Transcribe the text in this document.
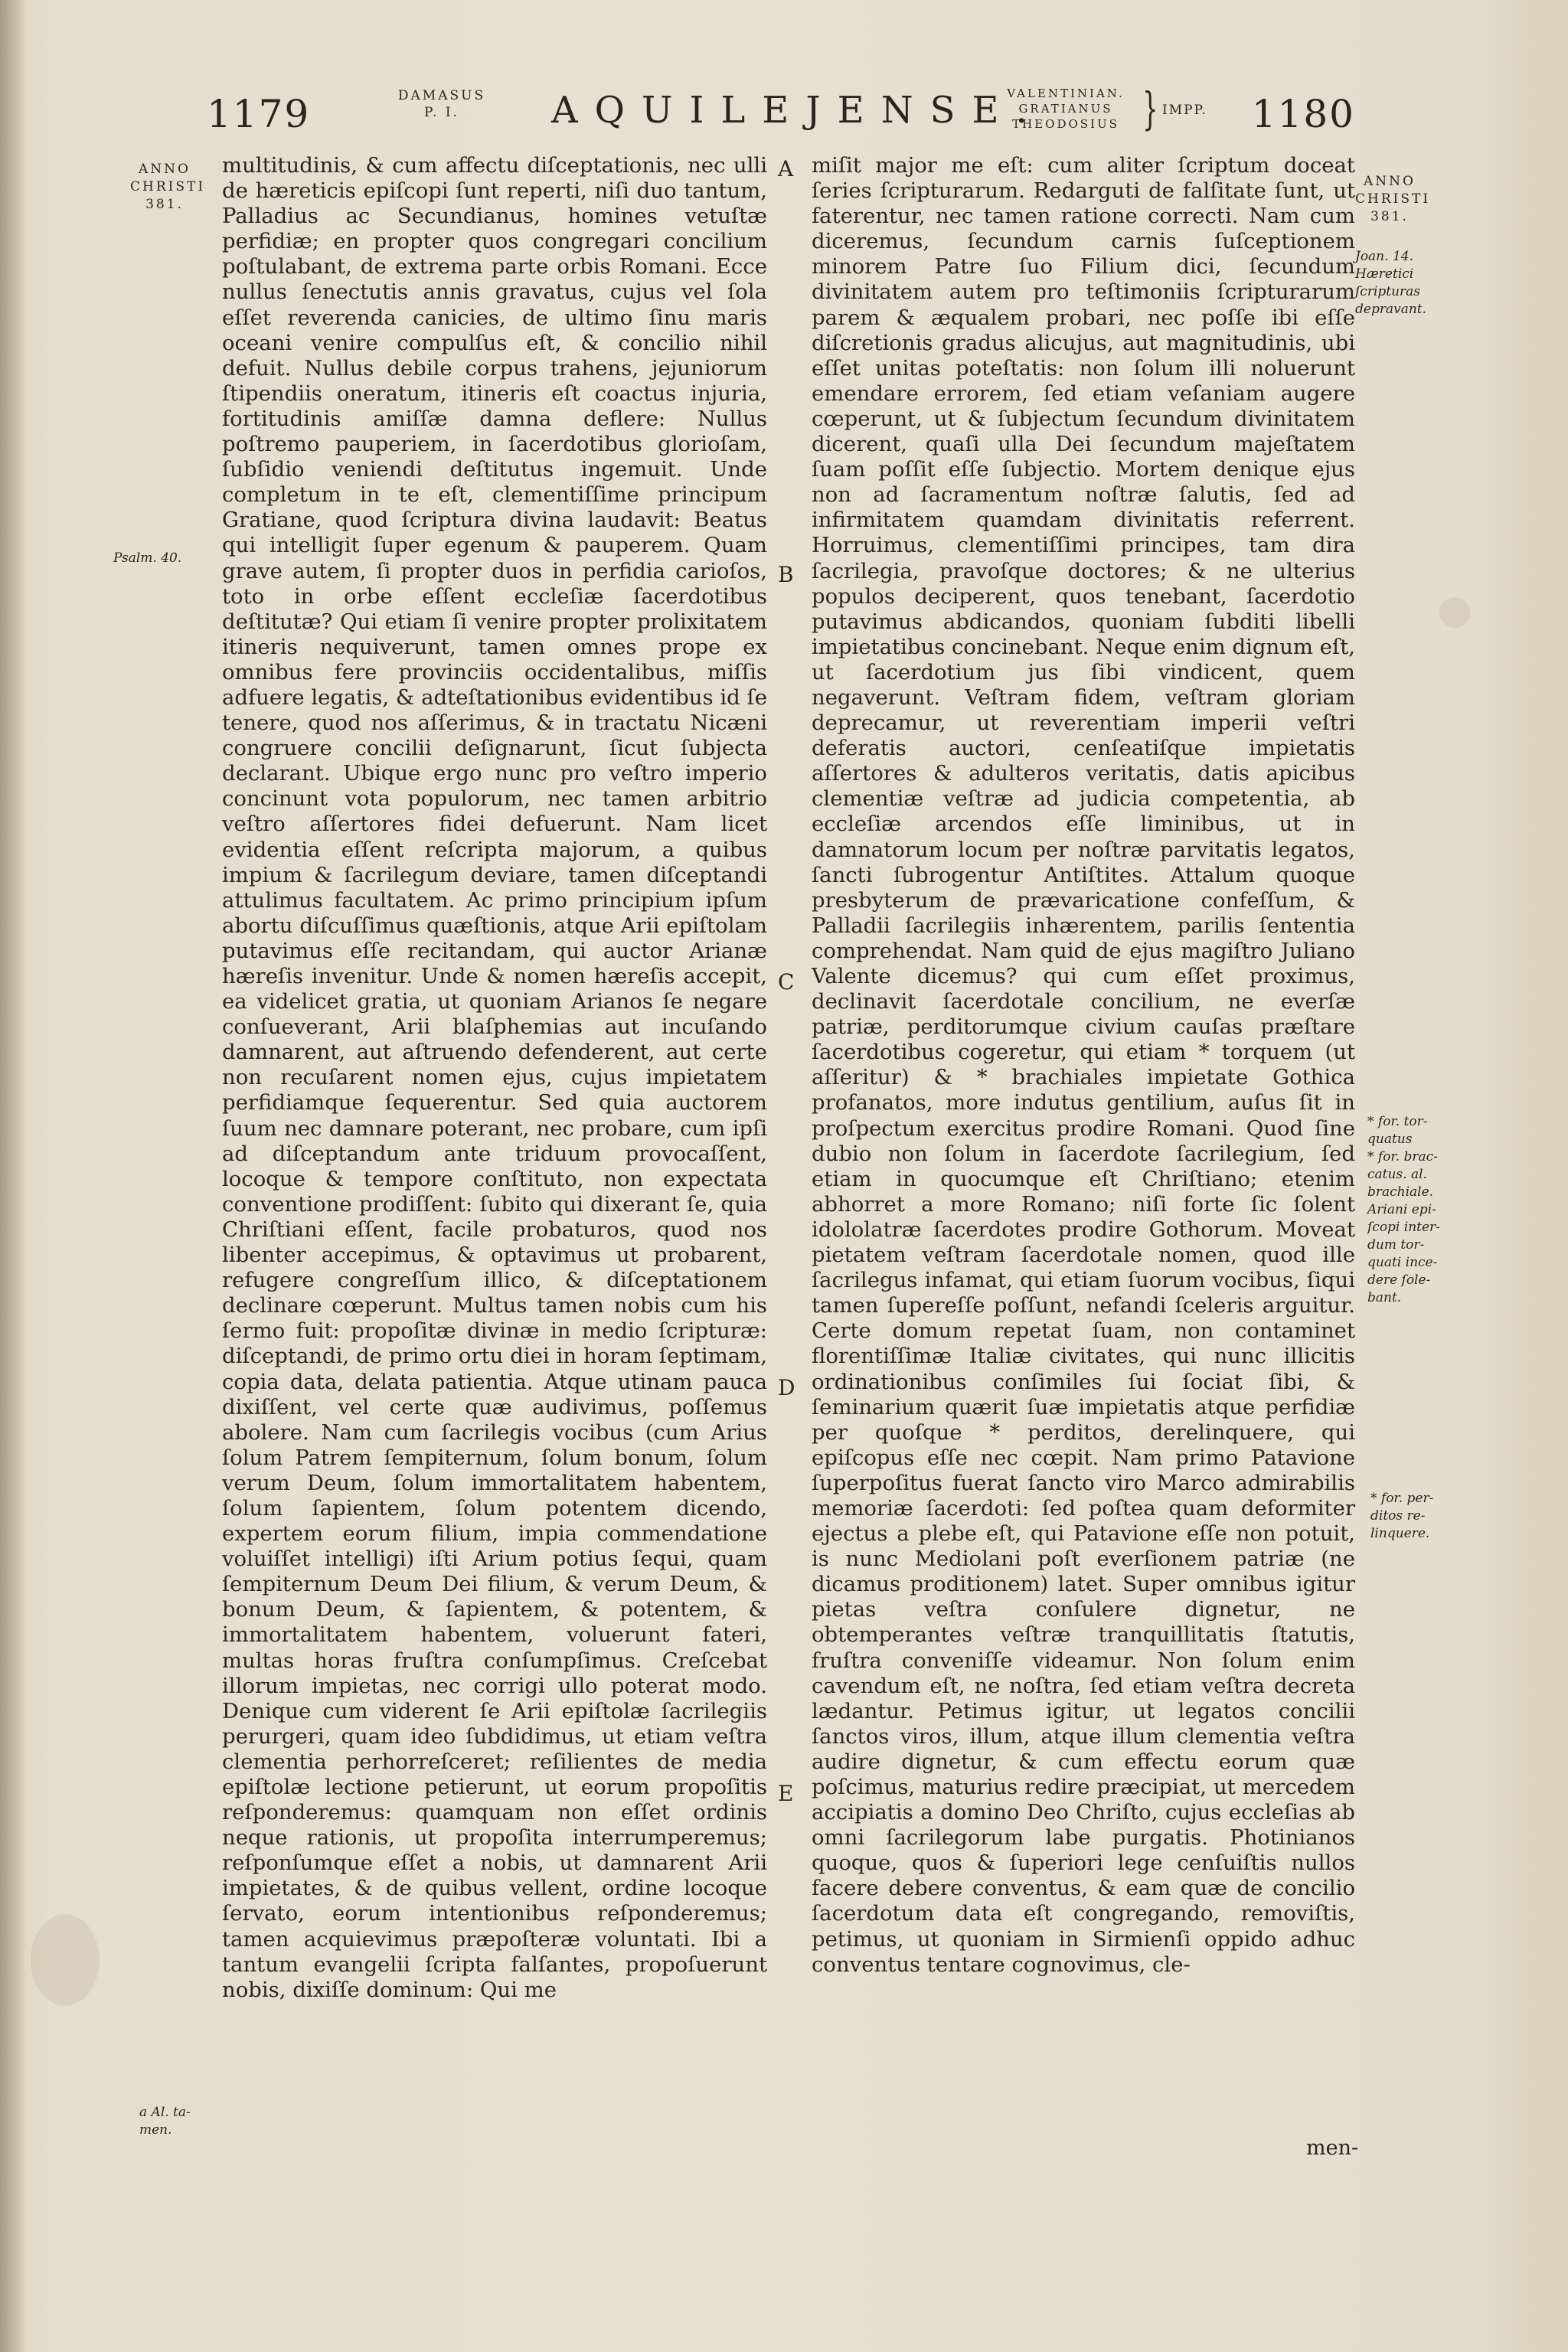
1179	DAMASUS
P. I.	AQUILEJENSE.
VALENTINIAN.
GRATIANUS
THEODOSIUS } IMPP. 1180
ANNO
CHRISTI
381.
Psalm. 40.
a Al. ta-
men.
ANNO
CHRISTI
381.
Joan. 14.
Hæretici
ſcripturas
depravant.
* for. tor-
quatus
* for. brac-
catus. al.
brachiale.
Ariani epi-
ſcopi inter-
dum tor-
quati ince-
dere ſole-
bant.
* for. per-
ditos re-
linquere.
A
B
C
D
E

multitudinis, & cum affectu diſceptationis, nec ulli de hæreticis epiſcopi ſunt reperti, niſi duo tantum, Palladius ac Secundianus, homines vetuſtæ perfidiæ; en propter quos congregari concilium poſtulabant, de extrema parte orbis Romani. Ecce nullus ſenectutis annis gravatus, cujus vel ſola eſſet reverenda canicies, de ultimo ſinu maris oceani venire compulſus eſt, & concilio nihil defuit. Nullus debile corpus trahens, jejuniorum ſtipendiis oneratum, itineris eſt coactus injuria, fortitudinis amiſſæ damna deflere: Nullus poſtremo pauperiem, in ſacerdotibus glorioſam, ſubſidio veniendi deſtitutus ingemuit. Unde completum in te eſt, clementiſſime principum Gratiane, quod ſcriptura divina laudavit: Beatus qui intelligit ſuper egenum & pauperem. Quam grave autem, ſi propter duos in perfidia carioſos, toto in orbe eſſent eccleſiæ ſacerdotibus deſtitutæ? Qui etiam ſi venire propter prolixitatem itineris nequiverunt, tamen omnes prope ex omnibus fere provinciis occidentalibus, miſſis adfuere legatis, & adteſtationibus evidentibus id ſe tenere, quod nos aſſerimus, & in tractatu Nicæni congruere concilii deſignarunt, ſicut ſubjecta declarant. Ubique ergo nunc pro veſtro imperio concinunt vota populorum, nec tamen arbitrio veſtro aſſertores fidei defuerunt. Nam licet evidentia eſſent reſcripta majorum, a quibus impium & ſacrilegum deviare, tamen diſceptandi attulimus facultatem. Ac primo principium ipſum abortu diſcuſſimus quæſtionis, atque Arii epiſtolam putavimus eſſe recitandam, qui auctor Arianæ hæreſis invenitur. Unde & nomen hæreſis accepit, ea videlicet gratia, ut quoniam Arianos ſe negare conſueverant, Arii blaſphemias aut incuſando damnarent, aut aſtruendo defenderent, aut certe non recuſarent nomen ejus, cujus impietatem perfidiamque ſequerentur. Sed quia auctorem ſuum nec damnare poterant, nec probare, cum ipſi ad diſceptandum ante triduum provocaſſent, locoque & tempore conſtituto, non expectata conventione prodiſſent: ſubito qui dixerant ſe, quia Chriſtiani eſſent, facile probaturos, quod nos libenter accepimus, & optavimus ut probarent, refugere congreſſum illico, & diſceptationem declinare cœperunt. Multus tamen nobis cum his ſermo fuit: propoſitæ divinæ in medio ſcripturæ: diſceptandi, de primo ortu diei in horam ſeptimam, copia data, delata patientia. Atque utinam pauca dixiſſent, vel certe quæ audivimus, poſſemus abolere. Nam cum ſacrilegis vocibus (cum Arius ſolum Patrem ſempiternum, ſolum bonum, ſolum verum Deum, ſolum immortalitatem habentem, ſolum ſapientem, ſolum potentem dicendo, expertem eorum filium, impia commendatione voluiſſet intelligi) iſti Arium potius ſequi, quam ſempiternum Deum Dei filium, & verum Deum, & bonum Deum, & ſapientem, & potentem, & immortalitatem habentem, voluerunt fateri, multas horas fruſtra conſumpſimus. Creſcebat illorum impietas, nec corrigi ullo poterat modo. Denique cum viderent ſe Arii epiſtolæ ſacrilegiis perurgeri, quam ideo ſubdidimus, ut etiam veſtra clementia perhorreſceret; reſilientes de media epiſtolæ lectione petierunt, ut eorum propoſitis reſponderemus: quamquam non eſſet ordinis neque rationis, ut propoſita interrumperemus; reſponſumque eſſet a nobis, ut damnarent Arii impietates, & de quibus vellent, ordine locoque ſervato, eorum intentionibus reſponderemus; tamen acquievimus præpoſteræ voluntati. Ibi a tantum evangelii ſcripta falſantes, propoſuerunt nobis, dixiſſe dominum: Qui me

miſit major me eſt: cum aliter ſcriptum doceat ſeries ſcripturarum. Redarguti de falſitate ſunt, ut faterentur, nec tamen ratione correcti. Nam cum diceremus, ſecundum carnis ſuſceptionem minorem Patre ſuo Filium dici, ſecundum divinitatem autem pro teſtimoniis ſcripturarum parem & æqualem probari, nec poſſe ibi eſſe diſcretionis gradus alicujus, aut magnitudinis, ubi eſſet unitas poteſtatis: non ſolum illi noluerunt emendare errorem, ſed etiam veſaniam augere cœperunt, ut & ſubjectum ſecundum divinitatem dicerent, quaſi ulla Dei ſecundum majeſtatem ſuam poſſit eſſe ſubjectio. Mortem denique ejus non ad ſacramentum noſtræ ſalutis, ſed ad infirmitatem quamdam divinitatis referrent. Horruimus, clementiſſimi principes, tam dira ſacrilegia, pravoſque doctores; & ne ulterius populos deciperent, quos tenebant, ſacerdotio putavimus abdicandos, quoniam ſubditi libelli impietatibus concinebant. Neque enim dignum eſt, ut ſacerdotium jus ſibi vindicent, quem negaverunt. Veſtram fidem, veſtram gloriam deprecamur, ut reverentiam imperii veſtri deferatis auctori, cenſeatiſque impietatis aſſertores & adulteros veritatis, datis apicibus clementiæ veſtræ ad judicia competentia, ab eccleſiæ arcendos eſſe liminibus, ut in damnatorum locum per noſtræ parvitatis legatos, ſancti ſubrogentur Antiſtites. Attalum quoque presbyterum de prævaricatione confeſſum, & Palladii ſacrilegiis inhærentem, parilis ſententia comprehendat. Nam quid de ejus magiſtro Juliano Valente dicemus? qui cum eſſet proximus, declinavit ſacerdotale concilium, ne everſæ patriæ, perditorumque civium cauſas præſtare ſacerdotibus cogeretur, qui etiam * torquem (ut aſſeritur) & * brachiales impietate Gothica profanatos, more indutus gentilium, auſus ſit in proſpectum exercitus prodire Romani. Quod ſine dubio non ſolum in ſacerdote ſacrilegium, ſed etiam in quocumque eſt Chriſtiano; etenim abhorret a more Romano; niſi forte ſic ſolent idololatræ ſacerdotes prodire Gothorum. Moveat pietatem veſtram ſacerdotale nomen, quod ille ſacrilegus infamat, qui etiam ſuorum vocibus, ſiqui tamen ſupereſſe poſſunt, nefandi ſceleris arguitur. Certe domum repetat ſuam, non contaminet florentiſſimæ Italiæ civitates, qui nunc illicitis ordinationibus conſimiles ſui ſociat ſibi, & ſeminarium quærit ſuæ impietatis atque perfidiæ per quoſque * perditos, derelinquere, qui epiſcopus eſſe nec cœpit. Nam primo Patavione ſuperpoſitus fuerat ſancto viro Marco admirabilis memoriæ ſacerdoti: ſed poſtea quam deformiter ejectus a plebe eſt, qui Patavione eſſe non potuit, is nunc Mediolani poſt everſionem patriæ (ne dicamus proditionem) latet. Super omnibus igitur pietas veſtra conſulere dignetur, ne obtemperantes veſtræ tranquillitatis ſtatutis, fruſtra conveniſſe videamur. Non ſolum enim cavendum eſt, ne noſtra, ſed etiam veſtra decreta lædantur. Petimus igitur, ut legatos concilii ſanctos viros, illum, atque illum clementia veſtra audire dignetur, & cum effectu eorum quæ poſcimus, maturius redire præcipiat, ut mercedem accipiatis a domino Deo Chriſto, cujus eccleſias ab omni ſacrilegorum labe purgatis. Photinianos quoque, quos & ſuperiori lege cenſuiſtis nullos facere debere conventus, & eam quæ de concilio ſacerdotum data eſt congregando, removiſtis, petimus, ut quoniam in Sirmienſi oppido adhuc conventus tentare cognovimus, cle-

men-
